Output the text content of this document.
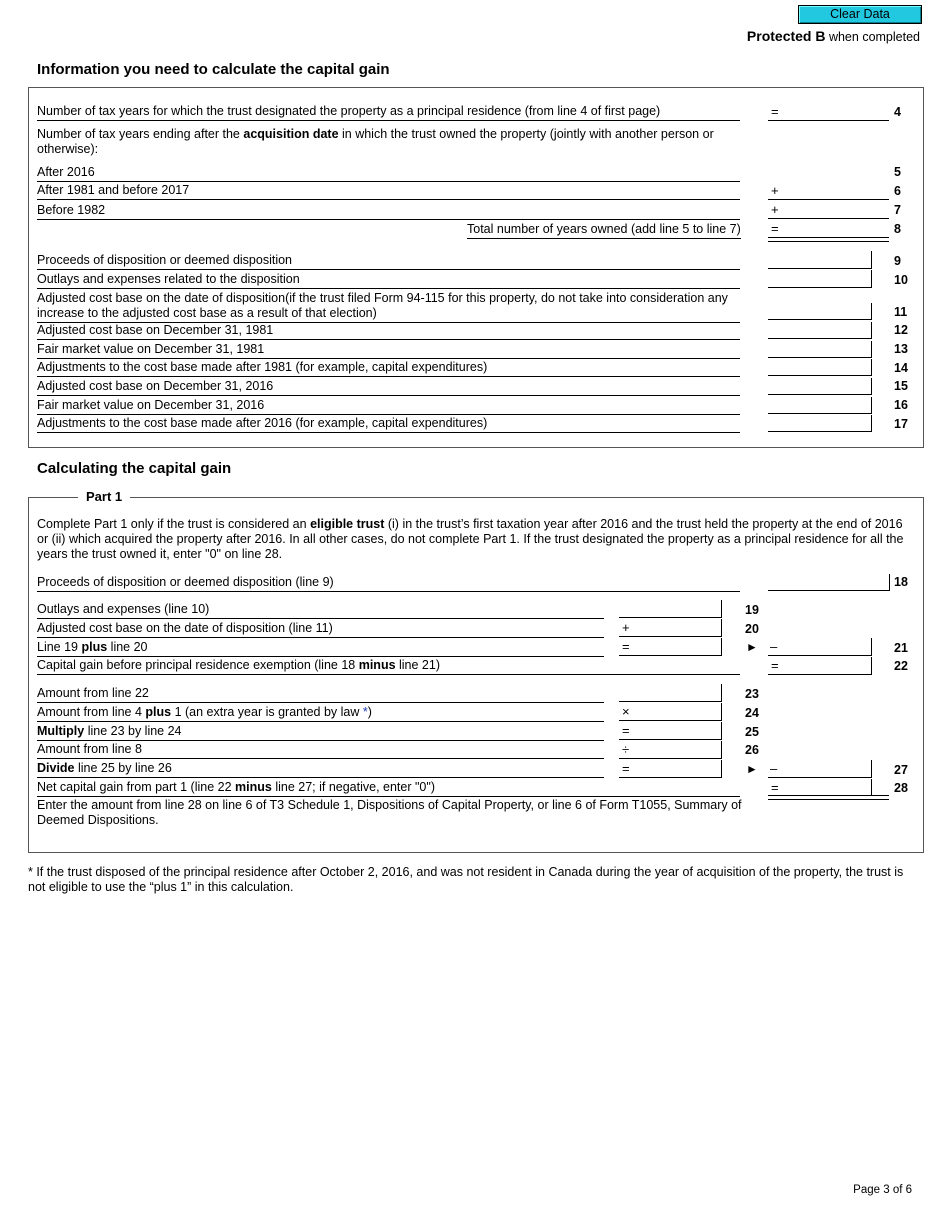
Clear Data
Protected B when completed
Information you need to calculate the capital gain
Number of tax years for which the trust designated the property as a principal residence (from line 4 of first page)	=	4
Number of tax years ending after the acquisition date in which the trust owned the property (jointly with another person or otherwise):
After 2016	5
After 1981 and before 2017	+	6
Before 1982	+	7
Total number of years owned (add line 5 to line 7) =	8
Proceeds of disposition or deemed disposition	9
Outlays and expenses related to the disposition	10
Adjusted cost base on the date of disposition(if the trust filed Form 94-115 for this property, do not take into consideration any increase to the adjusted cost base as a result of that election)	11
Adjusted cost base on December 31, 1981	12
Fair market value on December 31, 1981	13
Adjustments to the cost base made after 1981 (for example, capital expenditures)	14
Adjusted cost base on December 31, 2016	15
Fair market value on December 31, 2016	16
Adjustments to the cost base made after 2016 (for example, capital expenditures)	17
Calculating the capital gain
Part 1
Complete Part 1 only if the trust is considered an eligible trust (i) in the trust’s first taxation year after 2016 and the trust held the property at the end of 2016 or (ii) which acquired the property after 2016. In all other cases, do not complete Part 1. If the trust designated the property as a principal residence for all the years the trust owned it, enter "0" on line 28.
Proceeds of disposition or deemed disposition (line 9)	18
Outlays and expenses (line 10)	19
Adjusted cost base on the date of disposition (line 11)	+	20
Line 19 plus line 20	=	► –	21
Capital gain before principal residence exemption (line 18 minus line 21)	=	22
Amount from line 22	23
Amount from line 4 plus 1 (an extra year is granted by law *)	×	24
Multiply line 23 by line 24	=	25
Amount from line 8	÷	26
Divide line 25 by line 26	=	► –	27
Net capital gain from part 1 (line 22 minus line 27; if negative, enter "0")	=	28
Enter the amount from line 28 on line 6 of T3 Schedule 1, Dispositions of Capital Property, or line 6 of Form T1055, Summary of Deemed Dispositions.
* If the trust disposed of the principal residence after October 2, 2016, and was not resident in Canada during the year of acquisition of the property, the trust is not eligible to use the “plus 1” in this calculation.
Page 3 of 6
